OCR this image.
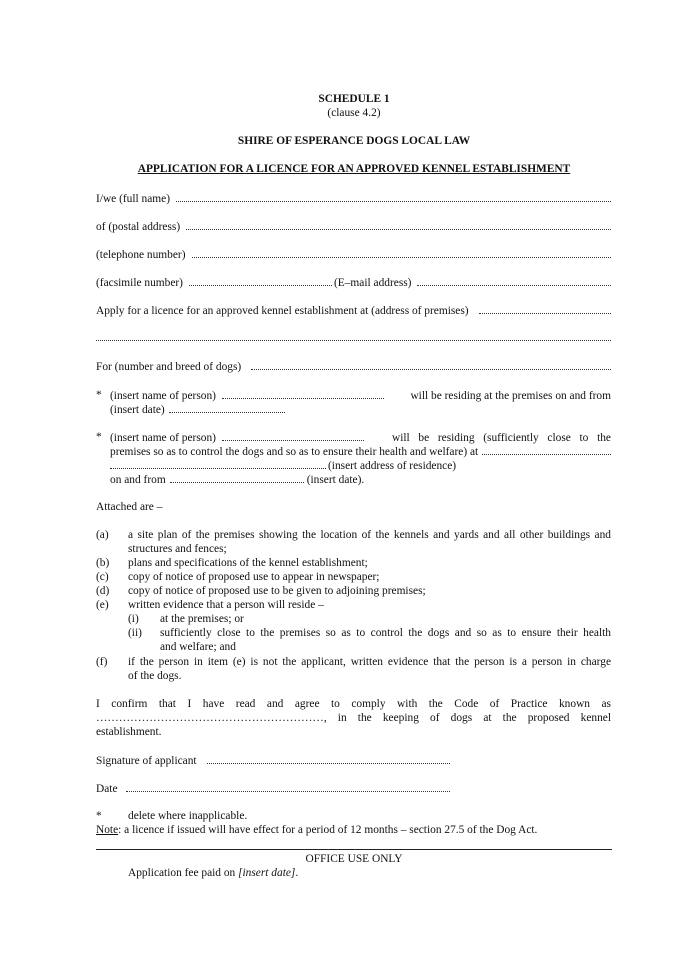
SCHEDULE 1
(clause 4.2)
SHIRE OF ESPERANCE DOGS LOCAL LAW
APPLICATION FOR A LICENCE FOR AN APPROVED KENNEL ESTABLISHMENT
I/we (full name)
of (postal address)
(telephone number)
(facsimile number)	(E–mail address)
Apply for a licence for an approved kennel establishment at (address of premises)
For (number and breed of dogs)
* (insert name of person)	will be residing at the premises on and from
(insert date)
* (insert name of person)	will be residing (sufficiently close to the
premises so as to control the dogs and so as to ensure their health and welfare) at
(insert address of residence)
on and from	(insert date).
Attached are –
(a) a site plan of the premises showing the location of the kennels and yards and all other buildings and
structures and fences;
(b) plans and specifications of the kennel establishment;
(c) copy of notice of proposed use to appear in newspaper;
(d) copy of notice of proposed use to be given to adjoining premises;
(e) written evidence that a person will reside –
(i) at the premises; or
(ii) sufficiently close to the premises so as to control the dogs and so as to ensure their health
and welfare; and
(f) if the person in item (e) is not the applicant, written evidence that the person is a person in charge
of the dogs.
I confirm that I have read and agree to comply with the Code of Practice known as
……………………………………………………, in the keeping of dogs at the proposed kennel
establishment.
Signature of applicant
Date
* delete where inapplicable.
Note: a licence if issued will have effect for a period of 12 months – section 27.5 of the Dog Act.
OFFICE USE ONLY
Application fee paid on [insert date].
